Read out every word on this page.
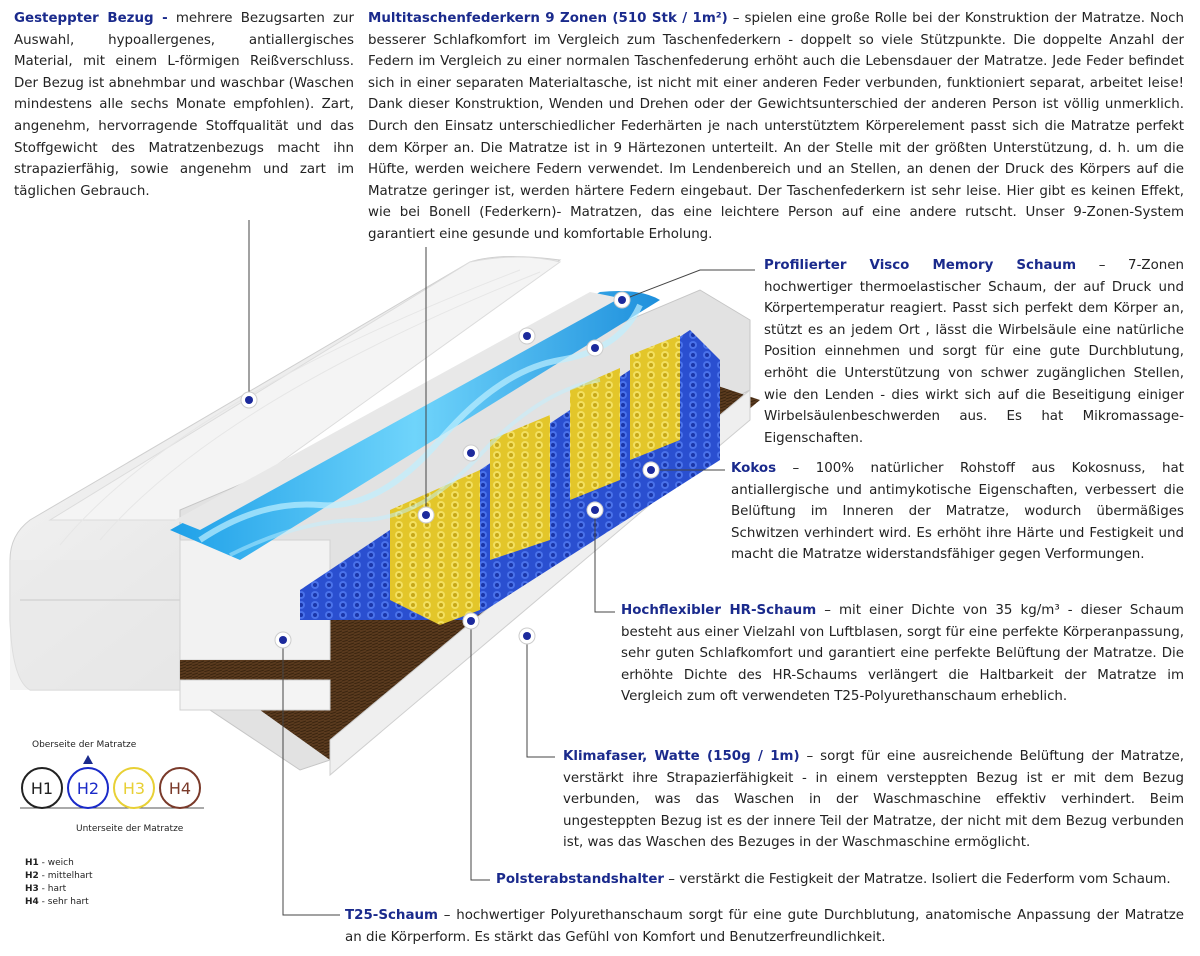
Gesteppter Bezug - mehrere Bezugsarten zur Auswahl, hypoallergenes, antiallergisches Material, mit einem L-förmigen Reißverschluss. Der Bezug ist abnehmbar und waschbar (Waschen mindestens alle sechs Monate empfohlen). Zart, angenehm, hervorragende Stoffqualität und das Stoffgewicht des Matratzenbezugs macht ihn strapazierfähig, sowie angenehm und zart im täglichen Gebrauch.
Multitaschenfederkern 9 Zonen (510 Stk / 1m²) – spielen eine große Rolle bei der Konstruktion der Matratze. Noch besserer Schlafkomfort im Vergleich zum Taschenfederkern - doppelt so viele Stützpunkte. Die doppelte Anzahl der Federn im Vergleich zu einer normalen Taschenfederung erhöht auch die Lebensdauer der Matratze. Jede Feder befindet sich in einer separaten Materialtasche, ist nicht mit einer anderen Feder verbunden, funktioniert separat, arbeitet leise! Dank dieser Konstruktion, Wenden und Drehen oder der Gewichtsunterschied der anderen Person ist völlig unmerklich. Durch den Einsatz unterschiedlicher Federhärten je nach unterstütztem Körperelement passt sich die Matratze perfekt dem Körper an. Die Matratze ist in 9 Härtezonen unterteilt. An der Stelle mit der größten Unterstützung, d. h. um die Hüfte, werden weichere Federn verwendet. Im Lendenbereich und an Stellen, an denen der Druck des Körpers auf die Matratze geringer ist, werden härtere Federn eingebaut. Der Taschenfederkern ist sehr leise. Hier gibt es keinen Effekt, wie bei Bonell (Federkern)- Matratzen, das eine leichtere Person auf eine andere rutscht. Unser 9-Zonen-System garantiert eine gesunde und komfortable Erholung.
Profilierter Visco Memory Schaum – 7-Zonen hochwertiger thermoelastischer Schaum, der auf Druck und Körpertemperatur reagiert. Passt sich perfekt dem Körper an, stützt es an jedem Ort , lässt die Wirbelsäule eine natürliche Position einnehmen und sorgt für eine gute Durchblutung, erhöht die Unterstützung von schwer zugänglichen Stellen, wie den Lenden - dies wirkt sich auf die Beseitigung einiger Wirbelsäulenbeschwerden aus. Es hat Mikromassage-Eigenschaften.
Kokos – 100% natürlicher Rohstoff aus Kokosnuss, hat antiallergische und antimykotische Eigenschaften, verbessert die Belüftung im Inneren der Matratze, wodurch übermäßiges Schwitzen verhindert wird. Es erhöht ihre Härte und Festigkeit und macht die Matratze widerstandsfähiger gegen Verformungen.
Hochflexibler HR-Schaum – mit einer Dichte von 35 kg/m³ - dieser Schaum besteht aus einer Vielzahl von Luftblasen, sorgt für eine perfekte Körperanpassung, sehr guten Schlafkomfort und garantiert eine perfekte Belüftung der Matratze. Die erhöhte Dichte des HR-Schaums verlängert die Haltbarkeit der Matratze im Vergleich zum oft verwendeten T25-Polyurethanschaum erheblich.
Klimafaser, Watte (150g / 1m) – sorgt für eine ausreichende Belüftung der Matratze, verstärkt ihre Strapazierfähigkeit - in einem versteppten Bezug ist er mit dem Bezug verbunden, was das Waschen in der Waschmaschine effektiv verhindert. Beim ungesteppten Bezug ist es der innere Teil der Matratze, der nicht mit dem Bezug verbunden ist, was das Waschen des Bezuges in der Waschmaschine ermöglicht.
Polsterabstandshalter – verstärkt die Festigkeit der Matratze. Isoliert die Federform vom Schaum.
T25-Schaum – hochwertiger Polyurethanschaum sorgt für eine gute Durchblutung, anatomische Anpassung der Matratze an die Körperform. Es stärkt das Gefühl von Komfort und Benutzerfreundlichkeit.
Oberseite der Matratze
H1 H2 H3 H4
Unterseite der Matratze
H1 - weich
H2 - mittelhart
H3 - hart
H4 - sehr hart
